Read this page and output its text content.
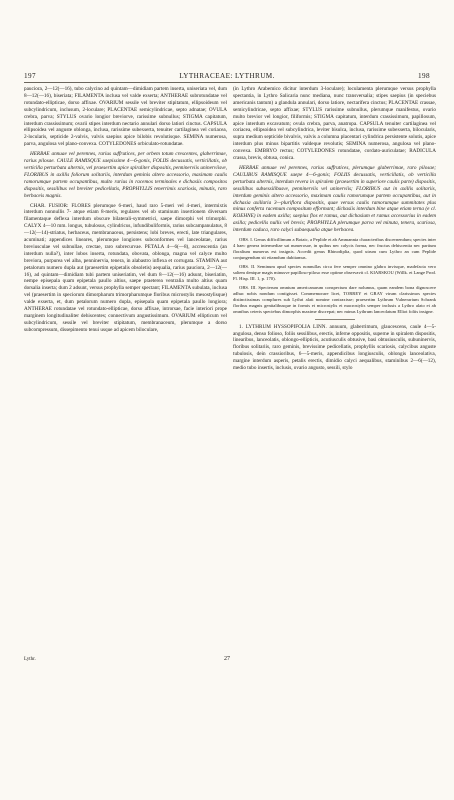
197	LYTHRACEAE: LYTHRUM.	198

pauciora, 2—12(—16), tubo calycino ad quintam—dimidiam partem inserta, uniseriata vel, dum 8—12(—16), biseriata; FILAMENTA inclusa vel valde exserta; ANTHERAE subrotundatae vel rotundato-ellipticae, dorso affixae. OVARIUM sessile vel breviter stipitatum, ellipsoideum vel subcylindricum, inclusum, 2-loculare; PLACENTAE semicylindricae, septo adnatae; OVULA crebra, parva; STYLUS ovario longior breviorve, rarissime subnullus; STIGMA capitatum, interdum crassissimum; ovarii stipes interdum nectario annulari dorso latiori cinctus. CAPSULA ellipsoidea vel anguste oblonga, inclusa, rarissime subexserta, tenuiter cartilaginea vel coriacea, 2-locularis, septicide 2-valvis, valvis saepius apice bilobis revolutisque. SEMINA numerosa, parva, angulosa vel plano-convexa. COTYLEDONES orbiculato-rotundatae.

HERBAE annuae vel perennes, rarius suffrutices, per orbem totum crescentes, glaberrimae, rarius pilosae. CAULE RAMISQUE saepissime 4—6-gonis, FOLIIS decussatis, verticillatis, ob verticilla perturbata alternis, vel praesertim apice spiraliter dispositis, penninerviis uninerviisve, FLORIBUS in axillis foliorum solitariis, interdum geminis altero accessorio, maximam caulis ramorumque partem occupantibus, multo rarius in racemos terminales e dichasiis compositos dispositis, sessilibus vel breviter pedicellatis, PROPHYLLIS tenerrimis scariosis, minutis, raro herbaceis magnis.

CHAR. FUSIOR: FLORES plerumque 6-meri, haud raro 5-meri vel 4-meri, intermixtis interdum nonnullis 7- atque etiam 8-meris, regulares vel ob staminum insertionem diversam filamentaque deflexa interdum obscure bilaterali-symmetrici, saepe dimorphi vel trimorphi. CALYX 4—10 mm. longus, tubulosus, cylindricus, infundibuliformis, rarius subcampanulatus, 8—12(—14)-striatus, herbaceus, membranaceus, persistens; lobi breves, erecti, late triangulares, acuminati; appendices lineares, plerumque longiores subconformes vel lanceolatae, rarius breviusculae vel subnullae, crectae, raro subrecurvae. PETALA 4—6(—8), accrescentia (an interdum nulla?), inter lobos inserta, rotundata, obovata, oblonga, magna vel calyce multo breviora, purpurea vel alba, penninervia, tenera, in alabastro inflexa et corrugata. STAMINA aut petalorum numero dupla aut (praesertim epipetalis obsoletis) aequalia, rarius pauciora, 2—12(—16), ad quintam—dimidiam tubi partem uniseriatim, vel dum 8—12(—16) adsunt, biseriatim, nempe episepala quam epipetala paullo altius, saepe praeterea ventralia multo altius quam dorsalia inserta; dum 2 adsunt, versus prophylla semper spectant; FILAMENTA subulata, inclusa vel (praesertim in speciorum dimorpharum trimorpharumque floribus microstylis mesostylisque) valde exserta, et, dum petalorum numero dupla, episepala quam epipetala paullo longiora; ANTHERAE rotundatae vel rotundato-ellipticae, dorso affixae, introrsae, facie interiori prope marginem longitudinaliter dehiscentes; connectivum angustissimum. OVARIUM ellipticum vel subcylindricum, sessile vel breviter stipitatum, membranaceum, plerumque a dorso subcompressum, dissepimento tenui usque ad apicem biloculare,

(in Lythro Arabemico dicitur interdum 3-loculare); loculamenta plerumque versus prophylla spectantia, in Lythro Salicaria nunc mediana, nunc transversalia; stipes saepius (in speciebus americanis tantum) a glandula annulari, dorso latiore, nectarifera cinctus; PLACENTAE crassae, semicylindricae, septo affixae; STYLUS rarissime subnullus, plerumque manifestus, ovario multo brevior vel longior, filiformis; STIGMA capitatum, interdum crassissimum, papillosum, apice interdum excavatum; ovula crebra, parva, anatropa. CAPSULA tenuiter cartilaginea vel coriacea, ellipsoidea vel subcylindrica, leviter bisulca, inclusa, rarissime subexserta, bilocularis, supra medium septicide bivalvis, valvis a columna placentari cylindrica persistente solutis, apice interdum plus minus bipartitis valdeque revolutis; SEMINA numerosa, angulosa vel plano-convexa. EMBRYO rectus; COTYLEDONES rotundatae, cordato-auriculatae; RADICULA crassa, brevis, obtusa, conica.

HERBAE annuae vel perennes, rarius suffrutices, plerumque glaberrimae, raro pilosae; CAULIBUS RAMISQUE saepe 4—6-gonis; FOLIIS decussatis, verticillatis, ob verticilla perturbata alternis, interdum revera in spiralem (praesertim in superiore caulis parte) dispositis, sessilibus subsessilibusve, penninerviis vel uninerviis; FLORIBUS aut in axillis solitariis, interdum geminis altero accessorio, maximam caulis ramorumque partem occupantibus, aut in dichasia axillaria 3—pluriflora dispositis, quae versus caulis ramorumque summitates plus minus conferta racemum compositum efformant; dichasiis interdum bine atque etiam terna (e cl. KOEHNE) in eadem axilla; saepius flos et ramus, aut dichasium et ramus accessorius in eadem axilla; pedicellis nullis vel brevis; PROPHYLLA plerumque parva vel minuta, tenera, scariosa, interdum caduca, raro calyci subaequalia atque herbacea.

OBS. I. Genus difficillimum a Botaic, a Peplide et ab Ammannia characteribus discernendum; species inter 4 haec genera intermediae sat numerosae, in quibus nec calycis forma, nec fructus dehiscentia nec partium floralium numerus est insignis. Accedit genus Rhinodiplia, quod utrum cum Lythro an cum Peplide conjungendum sit etiamdum dubitamus.

OBS. II. Seminum apud species nonnullas circa fere semper omnino glabra invixque, madefacta vero saltem denique magis minusve papilloso-piloso esse optime observavit cl. KIARSKOU (Willk. et Lange Prod. Fl. Hisp. III. 1, p. 170).

OBS. III. Specierum omnium americanarum conspectum dare nolumus, quam eandem bona dignoscere adhuc nobis nondum contigisset. Commemorare licet, TORREY et GRAY virum clarissimos species distinctissimas complures sub Lythri alati nomine contraxisse; praesertim Lythrum Vulnerarium Schrank floribus magnis genitalibusque in formis et microstylis et macrostylis semper inclusis a Lythro alato et ab omnibus ceteris speciebus dimorphis maxime discrepat; nec minus Lythrum lanceolatum Elliot foliis insigne.

1. LYTHRUM HYSSOPIFOLIA LINN. annuum, glaberrimum, glaucescens, caule 4—5-angulosa, denso folioso, foliis sessilibus, erectis, inferne oppositis, superne in spiralem dispositis, linearibus, lanceolatis, oblongo-ellipticis, acutiusculis obtusive, basi obtusiusculis, subuninervis, floribus solitariis, raro geminis, brevissime pedicellatis, prophyllis scariosis, calycibus anguste tubulosis, dein crassioribus, 6—5-meris, appendicibus longiusculis, oblongis lanceolativa, margine interdum asperis, petalis erectis, dimidio calyci aequalibus, staminibus 2—6(—12), medio tubo insertis, inclusis, ovario angusto, sessili, stylo

Lythr.	27
